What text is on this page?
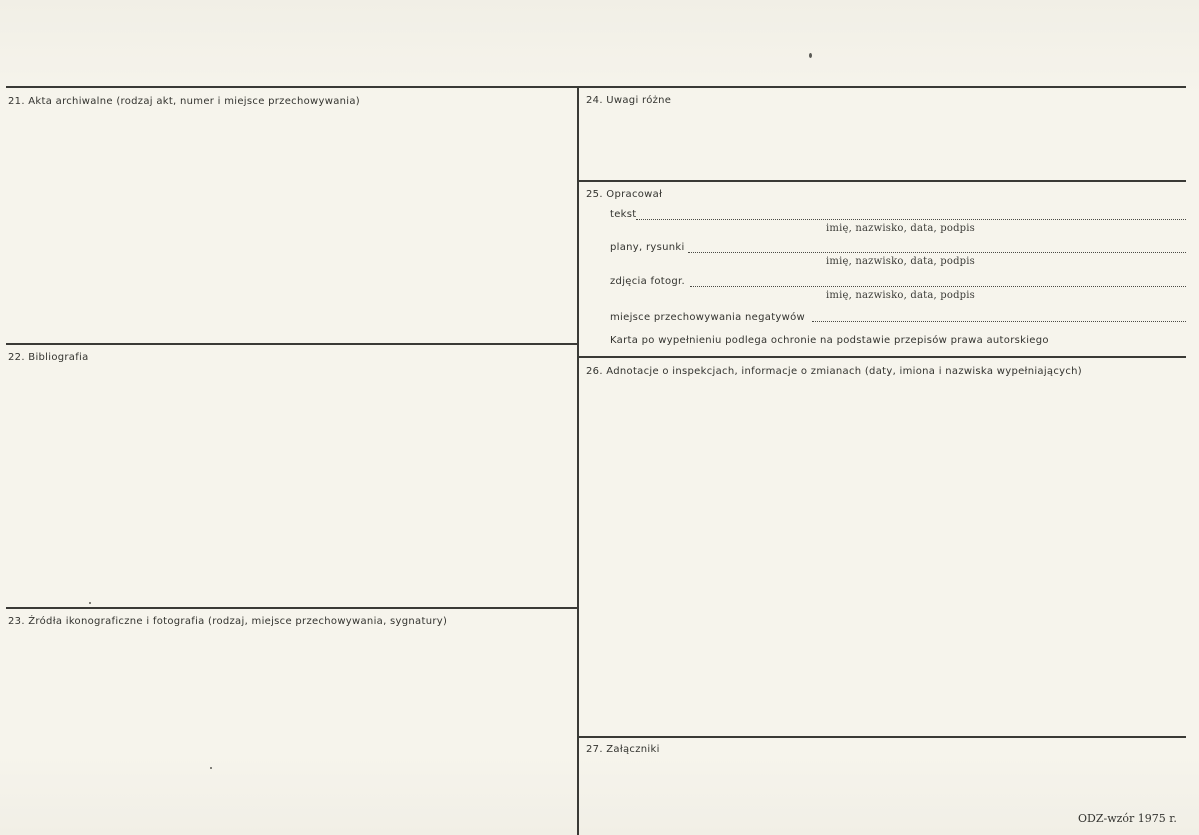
21. Akta archiwalne (rodzaj akt, numer i miejsce przechowywania)
22. Bibliografia
23. Źródła ikonograficzne i fotografia (rodzaj, miejsce przechowywania, sygnatury)
24. Uwagi różne
25. Opracował
26. Adnotacje o inspekcjach, informacje o zmianach (daty, imiona i nazwiska wypełniających)
27. Załączniki
tekst
imię, nazwisko, data, podpis
plany, rysunki
imię, nazwisko, data, podpis
zdjęcia fotogr.
imię, nazwisko, data, podpis
miejsce przechowywania negatywów
Karta po wypełnieniu podlega ochronie na podstawie przepisów prawa autorskiego
ODZ-wzór 1975 r.
